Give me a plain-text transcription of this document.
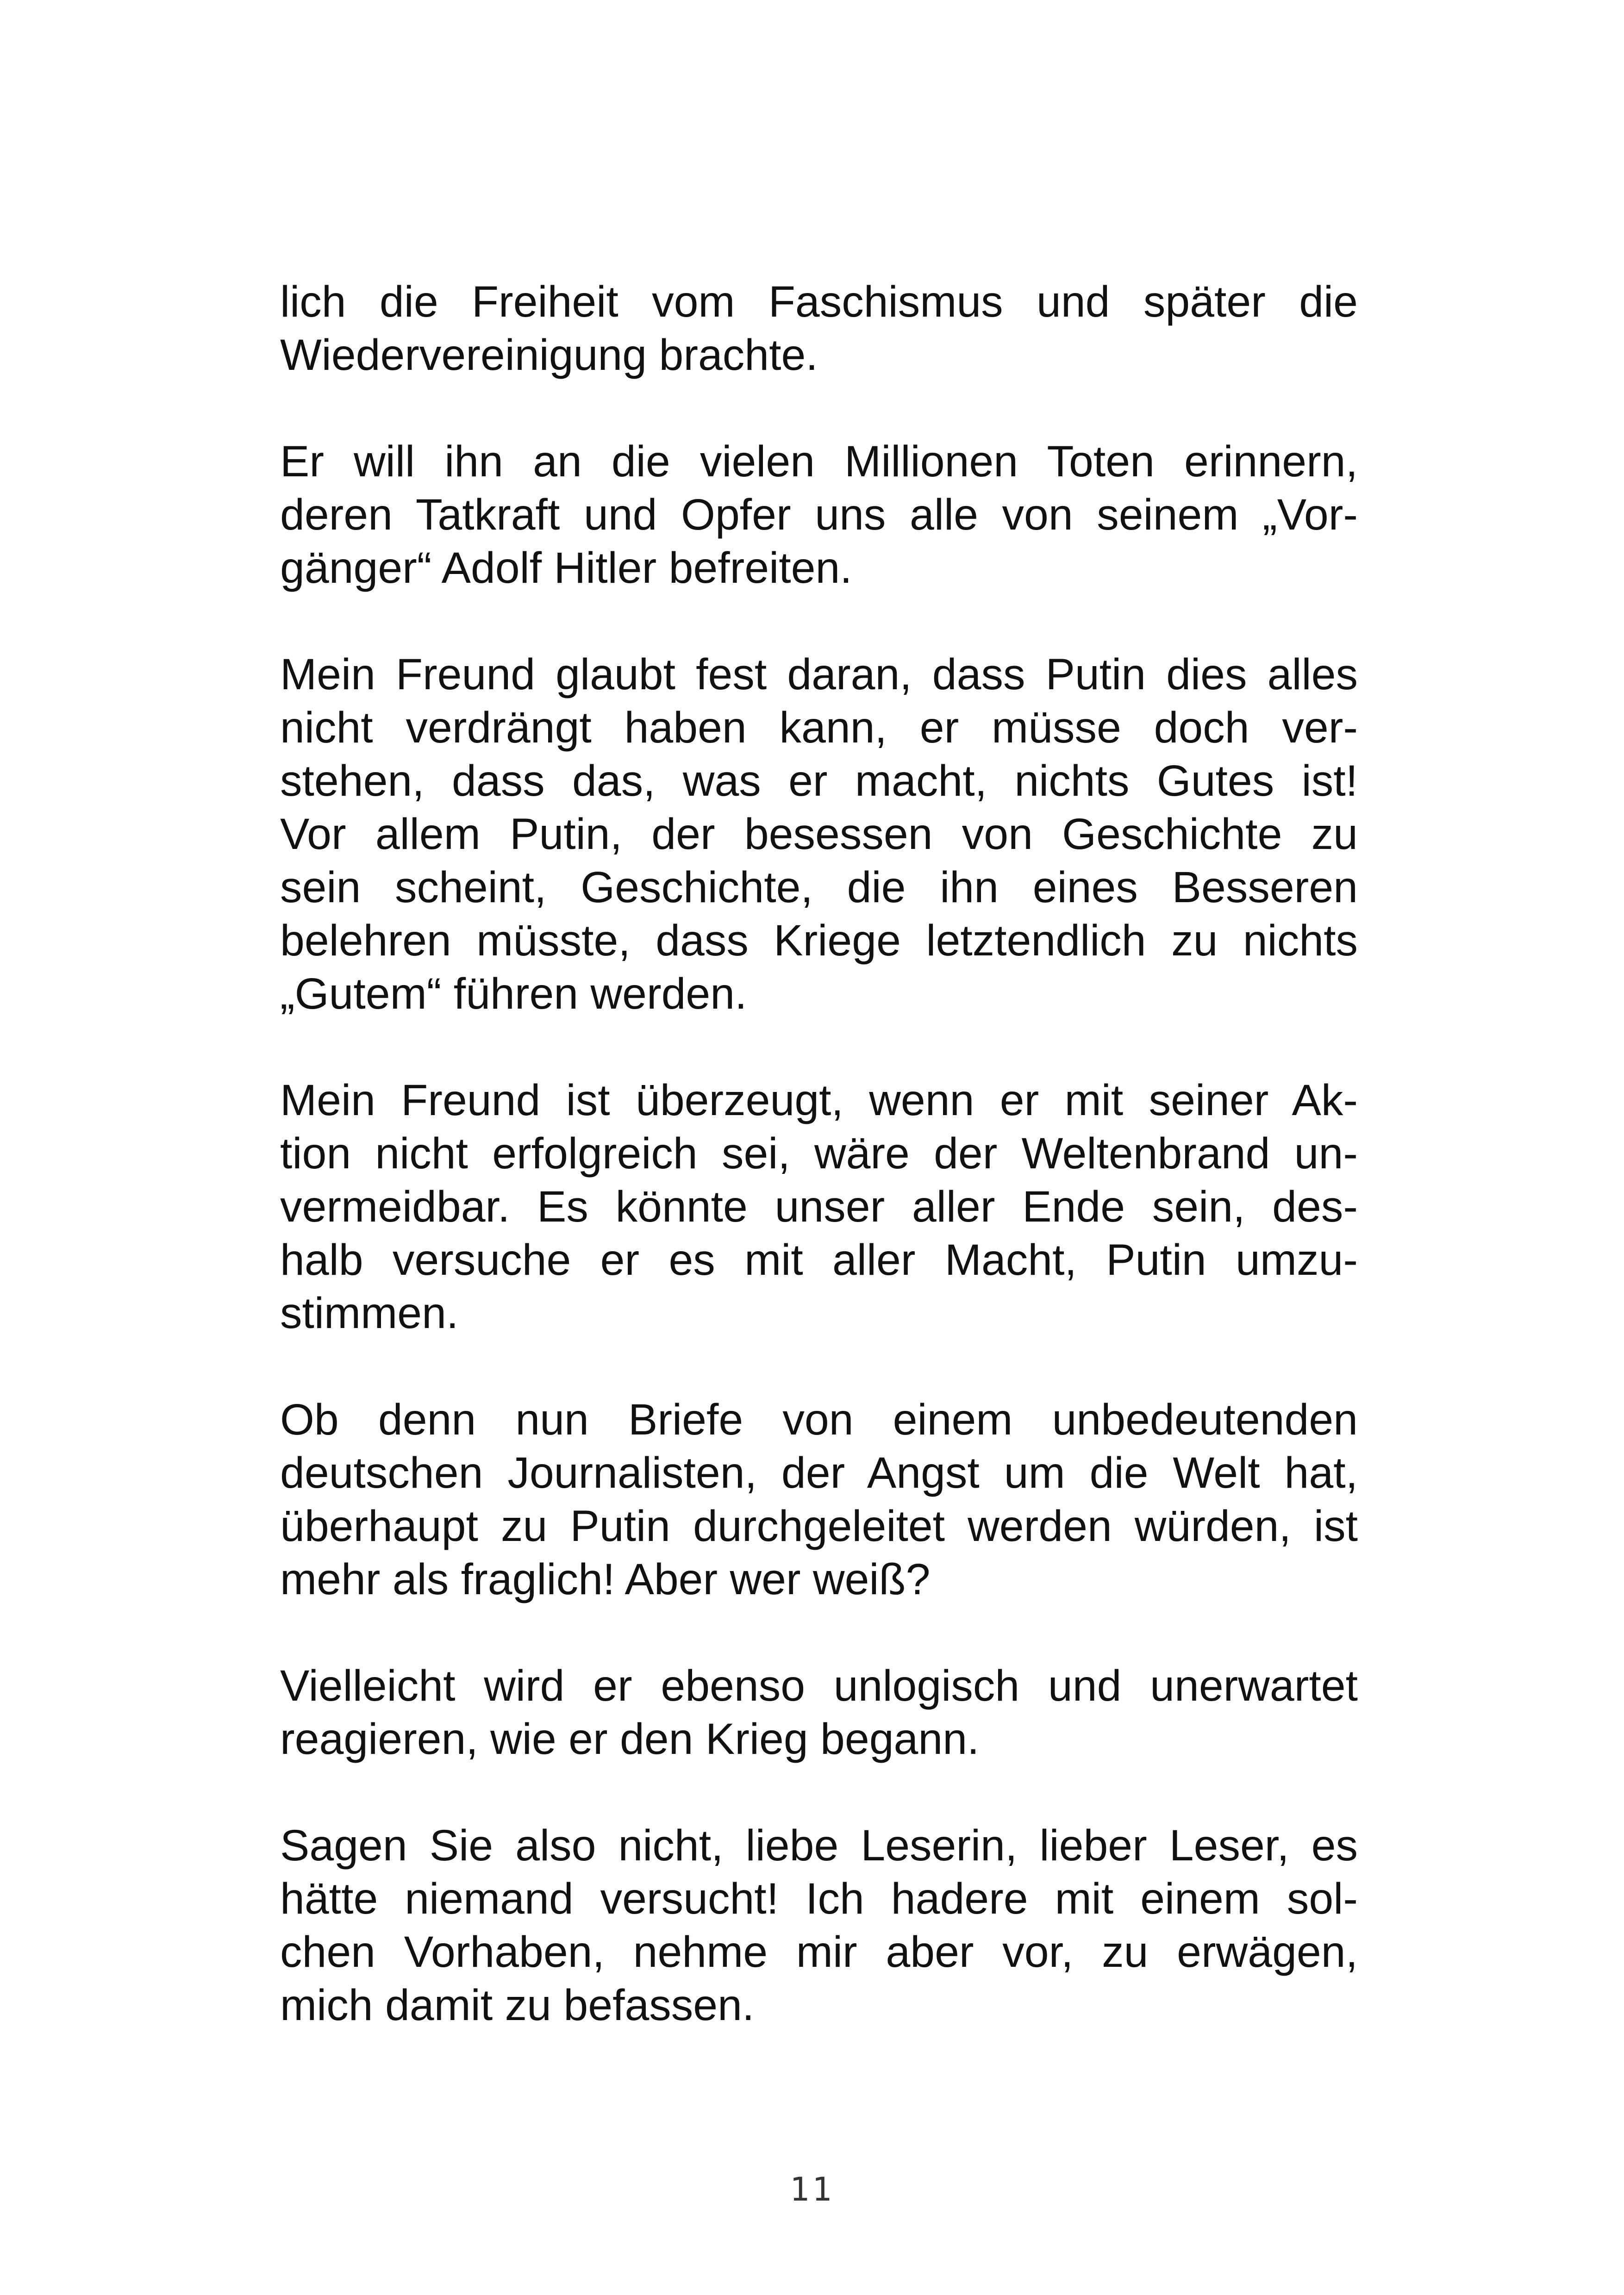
lich die Freiheit vom Faschismus und später die
Wiedervereinigung brachte.
Er will ihn an die vielen Millionen Toten erinnern,
deren Tatkraft und Opfer uns alle von seinem „Vor-
gänger“ Adolf Hitler befreiten.
Mein Freund glaubt fest daran, dass Putin dies alles
nicht verdrängt haben kann, er müsse doch ver-
stehen, dass das, was er macht, nichts Gutes ist!
Vor allem Putin, der besessen von Geschichte zu
sein scheint, Geschichte, die ihn eines Besseren
belehren müsste, dass Kriege letztendlich zu nichts
„Gutem“ führen werden.
Mein Freund ist überzeugt, wenn er mit seiner Ak-
tion nicht erfolgreich sei, wäre der Weltenbrand un-
vermeidbar. Es könnte unser aller Ende sein, des-
halb versuche er es mit aller Macht, Putin umzu-
stimmen.
Ob denn nun Briefe von einem unbedeutenden
deutschen Journalisten, der Angst um die Welt hat,
überhaupt zu Putin durchgeleitet werden würden, ist
mehr als fraglich! Aber wer weiß?
Vielleicht wird er ebenso unlogisch und unerwartet
reagieren, wie er den Krieg begann.
Sagen Sie also nicht, liebe Leserin, lieber Leser, es
hätte niemand versucht! Ich hadere mit einem sol-
chen Vorhaben, nehme mir aber vor, zu erwägen,
mich damit zu befassen.
11
